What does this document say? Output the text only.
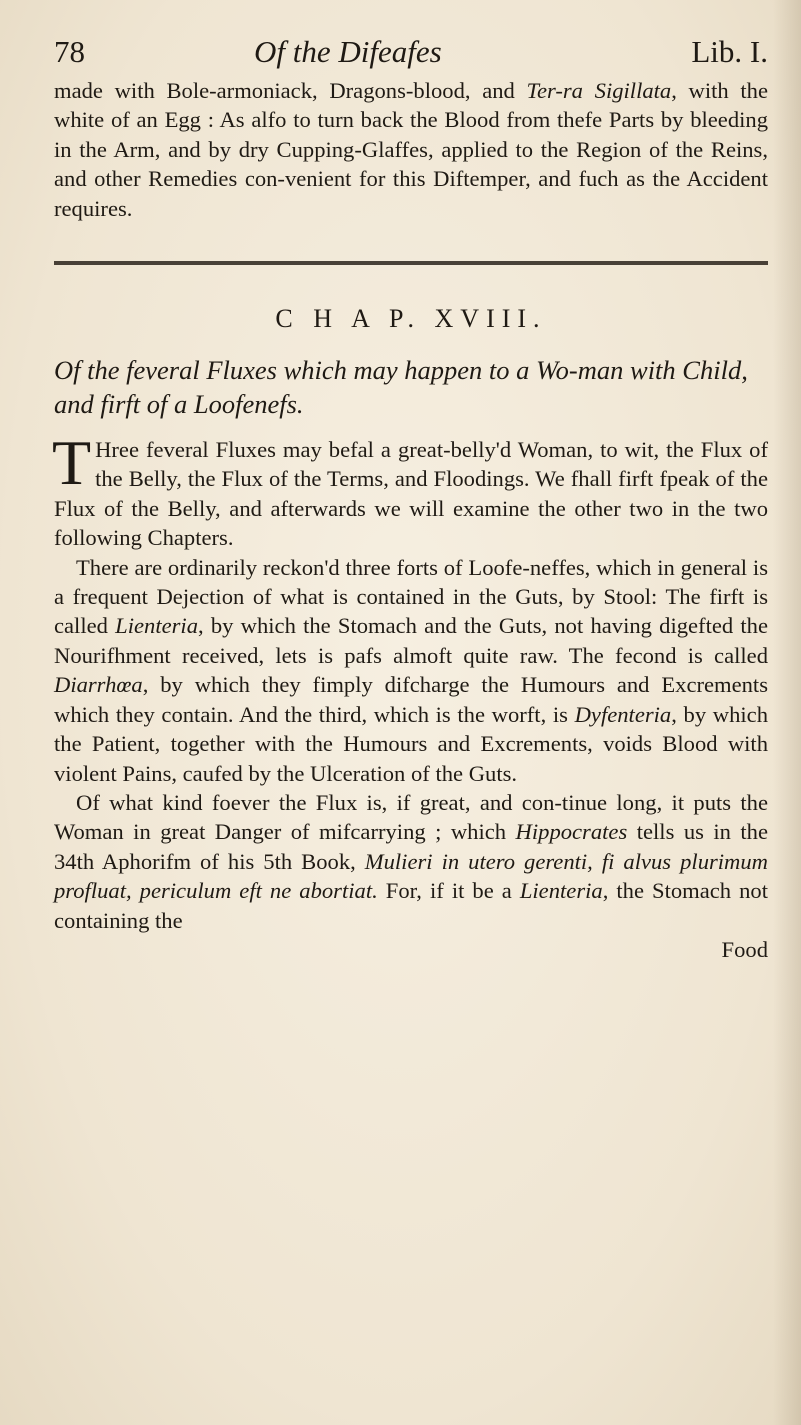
78	Of the Difeafes	Lib. I.

made with Bole-armoniack, Dragons-blood, and Ter-ra Sigillata, with the white of an Egg : As alfo to turn back the Blood from thefe Parts by bleeding in the Arm, and by dry Cupping-Glaffes, applied to the Region of the Reins, and other Remedies con-venient for this Diftemper, and fuch as the Accident requires.

C H A P. XVIII.

Of the feveral Fluxes which may happen to a Wo-man with Child, and firft of a Loofenefs.

T Hree feveral Fluxes may befal a great-belly'd Woman, to wit, the Flux of the Belly, the Flux of the Terms, and Floodings. We fhall firft fpeak of the Flux of the Belly, and afterwards we will examine the other two in the two following Chapters.

There are ordinarily reckon'd three forts of Loofe-neffes, which in general is a frequent Dejection of what is contained in the Guts, by Stool: The firft is called Lienteria, by which the Stomach and the Guts, not having digefted the Nourifhment received, lets is pafs almoft quite raw. The fecond is called Diarrhœa, by which they fimply difcharge the Humours and Excrements which they contain. And the third, which is the worft, is Dyfenteria, by which the Patient, together with the Humours and Excrements, voids Blood with violent Pains, caufed by the Ulceration of the Guts.

Of what kind foever the Flux is, if great, and con-tinue long, it puts the Woman in great Danger of mifcarrying ; which Hippocrates tells us in the 34th Aphorifm of his 5th Book, Mulieri in utero gerenti, fi alvus plurimum profluat, periculum eft ne abortiat. For, if it be a Lienteria, the Stomach not containing the

Food
